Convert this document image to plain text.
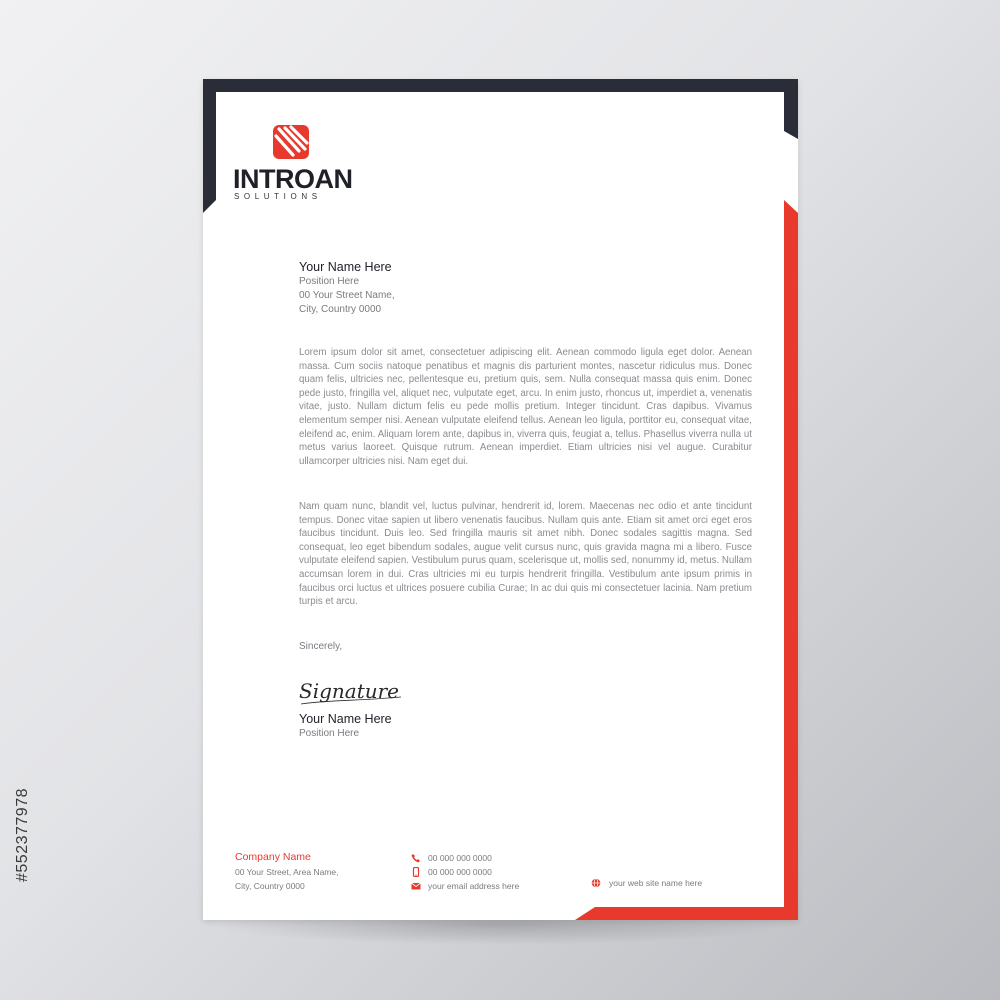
#552377978
INTROAN
SOLUTIONS
Your Name Here
Position Here
00 Your Street Name,
City, Country 0000

Lorem ipsum dolor sit amet, consectetuer adipiscing elit. Aenean commodo ligula eget dolor. Aenean massa. Cum sociis natoque penatibus et magnis dis parturient montes, nascetur ridiculus mus. Donec quam felis, ultricies nec, pellentesque eu, pretium quis, sem. Nulla consequat massa quis enim. Donec pede justo, fringilla vel, aliquet nec, vulputate eget, arcu. In enim justo, rhoncus ut, imperdiet a, venenatis vitae, justo. Nullam dictum felis eu pede mollis pretium. Integer tincidunt. Cras dapibus. Vivamus elementum semper nisi. Aenean vulputate eleifend tellus. Aenean leo ligula, porttitor eu, consequat vitae, eleifend ac, enim. Aliquam lorem ante, dapibus in, viverra quis, feugiat a, tellus. Phasellus viverra nulla ut metus varius laoreet. Quisque rutrum. Aenean imperdiet. Etiam ultricies nisi vel augue. Curabitur ullamcorper ultricies nisi. Nam eget dui.

Nam quam nunc, blandit vel, luctus pulvinar, hendrerit id, lorem. Maecenas nec odio et ante tincidunt tempus. Donec vitae sapien ut libero venenatis faucibus. Nullam quis ante. Etiam sit amet orci eget eros faucibus tincidunt. Duis leo. Sed fringilla mauris sit amet nibh. Donec sodales sagittis magna. Sed consequat, leo eget bibendum sodales, augue velit cursus nunc, quis gravida magna mi a libero. Fusce vulputate eleifend sapien. Vestibulum purus quam, scelerisque ut, mollis sed, nonummy id, metus. Nullam accumsan lorem in dui. Cras ultricies mi eu turpis hendrerit fringilla. Vestibulum ante ipsum primis in faucibus orci luctus et ultrices posuere cubilia Curae; In ac dui quis mi consectetuer lacinia. Nam pretium turpis et arcu.

Sincerely,
Signature
Your Name Here
Position Here
Company Name
00 Your Street, Area Name,
City, Country 0000
00 000 000 0000
00 000 000 0000
your email address here	your web site name here
